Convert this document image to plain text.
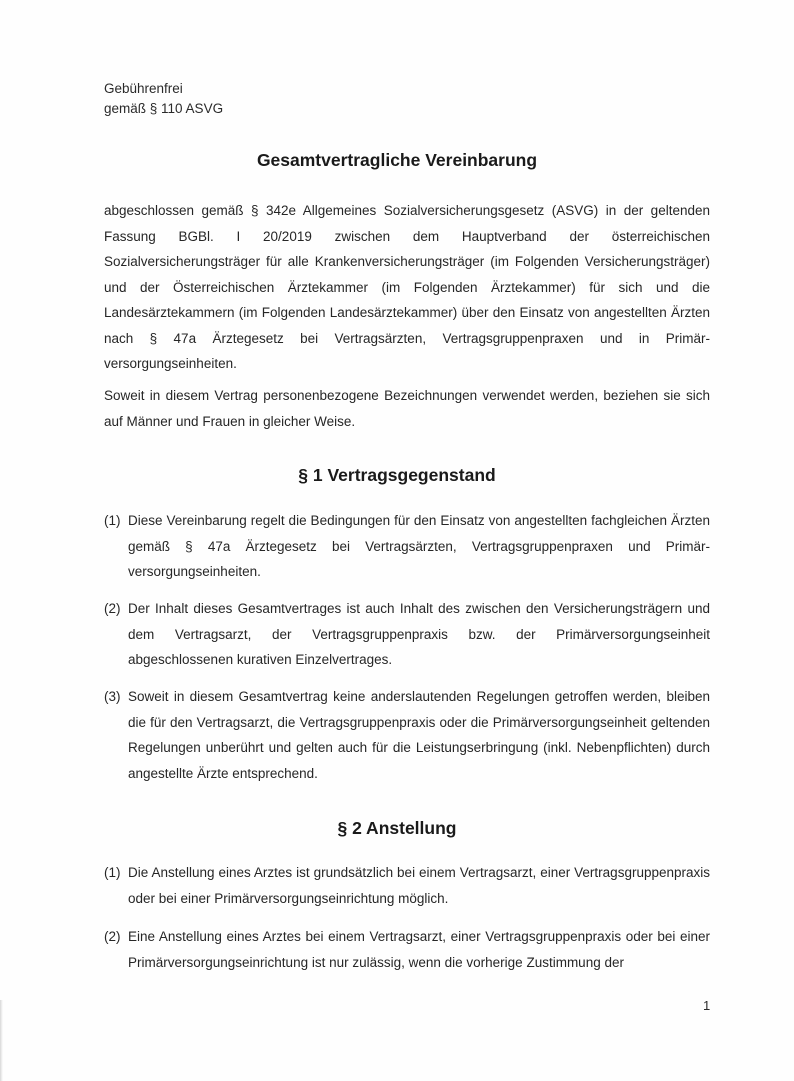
Gebührenfrei
gemäß § 110 ASVG
Gesamtvertragliche Vereinbarung
abgeschlossen gemäß § 342e Allgemeines Sozialversicherungsgesetz (ASVG) in der geltenden Fassung BGBl. I 20/2019 zwischen dem Hauptverband der österreichischen Sozialversicherungsträger für alle Krankenversicherungsträger (im Folgenden Versicherungsträger) und der Österreichischen Ärztekammer (im Folgenden Ärztekammer) für sich und die Landesärztekammern (im Folgenden Landesärztekammer) über den Einsatz von angestellten Ärzten nach § 47a Ärztegesetz bei Vertragsärzten, Vertragsgruppenpraxen und in Primärversorgungseinheiten.
Soweit in diesem Vertrag personenbezogene Bezeichnungen verwendet werden, beziehen sie sich auf Männer und Frauen in gleicher Weise.
§ 1 Vertragsgegenstand
(1) Diese Vereinbarung regelt die Bedingungen für den Einsatz von angestellten fachgleichen Ärzten gemäß § 47a Ärztegesetz bei Vertragsärzten, Vertragsgruppenpraxen und Primärversorgungseinheiten.
(2) Der Inhalt dieses Gesamtvertrages ist auch Inhalt des zwischen den Versicherungsträgern und dem Vertragsarzt, der Vertragsgruppenpraxis bzw. der Primärversorgungseinheit abgeschlossenen kurativen Einzelvertrages.
(3) Soweit in diesem Gesamtvertrag keine anderslautenden Regelungen getroffen werden, bleiben die für den Vertragsarzt, die Vertragsgruppenpraxis oder die Primärversorgungseinheit geltenden Regelungen unberührt und gelten auch für die Leistungserbringung (inkl. Nebenpflichten) durch angestellte Ärzte entsprechend.
§ 2 Anstellung
(1) Die Anstellung eines Arztes ist grundsätzlich bei einem Vertragsarzt, einer Vertragsgruppenpraxis oder bei einer Primärversorgungseinrichtung möglich.
(2) Eine Anstellung eines Arztes bei einem Vertragsarzt, einer Vertragsgruppenpraxis oder bei einer Primärversorgungseinrichtung ist nur zulässig, wenn die vorherige Zustimmung der
1
